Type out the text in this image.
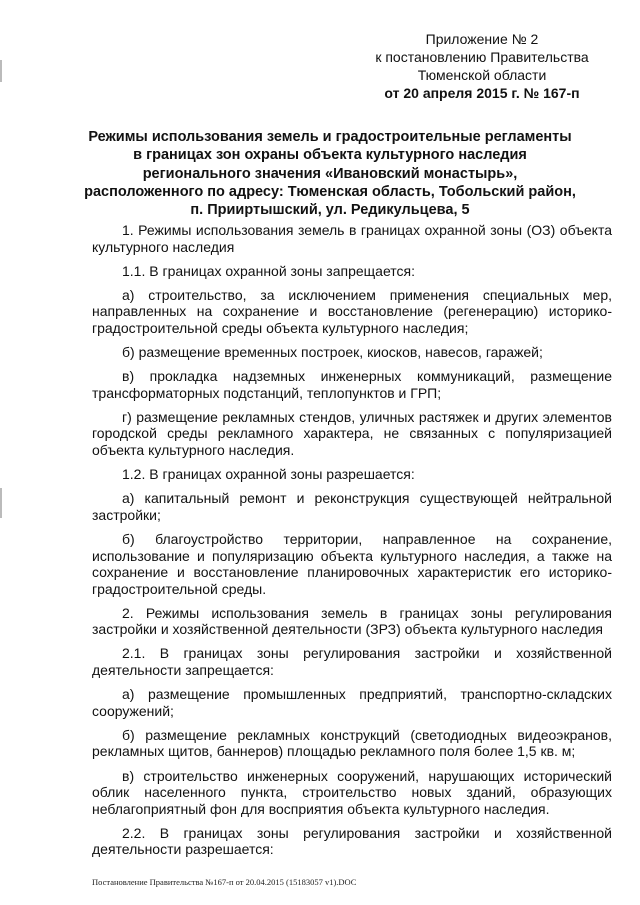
Приложение № 2
к постановлению Правительства
Тюменской области
от 20 апреля 2015 г. № 167-п
Режимы использования земель и градостроительные регламенты
в границах зон охраны объекта культурного наследия
регионального значения «Ивановский монастырь»,
расположенного по адресу: Тюменская область, Тобольский район,
п. Прииртышский, ул. Редикульцева, 5

1. Режимы использования земель в границах охранной зоны (ОЗ) объекта культурного наследия

1.1. В границах охранной зоны запрещается:

а) строительство, за исключением применения специальных мер, направленных на сохранение и восстановление (регенерацию) историко-градостроительной среды объекта культурного наследия;

б) размещение временных построек, киосков, навесов, гаражей;

в) прокладка надземных инженерных коммуникаций, размещение трансформаторных подстанций, теплопунктов и ГРП;

г) размещение рекламных стендов, уличных растяжек и других элементов городской среды рекламного характера, не связанных с популяризацией объекта культурного наследия.

1.2. В границах охранной зоны разрешается:

а) капитальный ремонт и реконструкция существующей нейтральной застройки;

б) благоустройство территории, направленное на сохранение, использование и популяризацию объекта культурного наследия, а также на сохранение и восстановление планировочных характеристик его историко-градостроительной среды.

2. Режимы использования земель в границах зоны регулирования застройки и хозяйственной деятельности (ЗРЗ) объекта культурного наследия

2.1. В границах зоны регулирования застройки и хозяйственной деятельности запрещается:

а) размещение промышленных предприятий, транспортно-складских сооружений;

б) размещение рекламных конструкций (светодиодных видеоэкранов, рекламных щитов, баннеров) площадью рекламного поля более 1,5 кв. м;

в) строительство инженерных сооружений, нарушающих исторический облик населенного пункта, строительство новых зданий, образующих неблагоприятный фон для восприятия объекта культурного наследия.

2.2. В границах зоны регулирования застройки и хозяйственной деятельности разрешается:

Постановление Правительства №167-п от 20.04.2015 (15183057 v1).DOC
